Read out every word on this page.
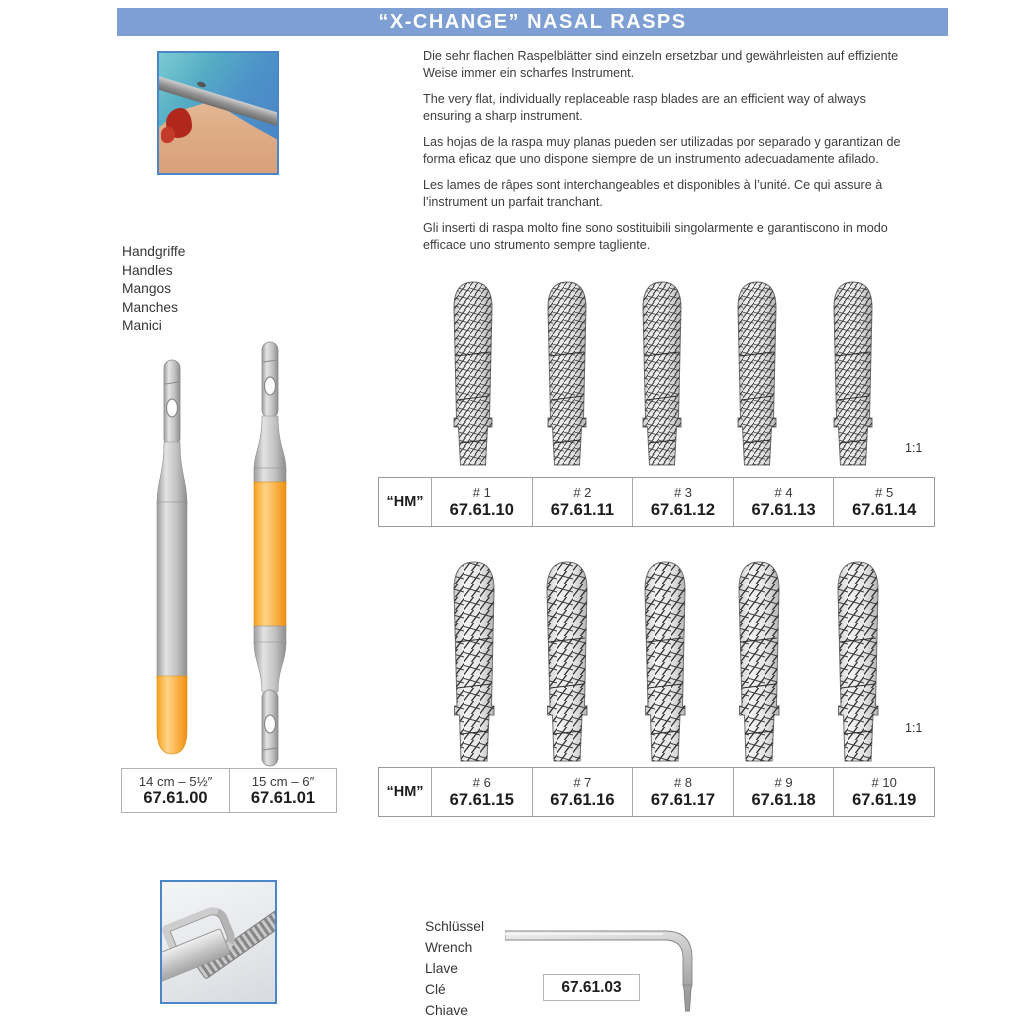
“X-CHANGE” NASAL RASPS

Die sehr flachen Raspelblätter sind einzeln ersetzbar und gewährleisten auf effiziente Weise immer ein scharfes Instrument.

The very flat, individually replaceable rasp blades are an efficient way of always ensuring a sharp instrument.

Las hojas de la raspa muy planas pueden ser utilizadas por separado y garantizan de forma eficaz que uno dispone siempre de un instrumento adecuadamente afilado.

Les lames de râpes sont interchangeables et disponibles à l’unité. Ce qui assure à l’instrument un parfait tranchant.

Gli inserti di raspa molto fine sono sostituibili singolarmente e garantiscono in modo efficace uno strumento sempre tagliente.

Handgriffe
Handles
Mangos
Manches
Manici
14 cm – 5½″
67.61.00
15 cm – 6″
67.61.01
1:1
“HM”
# 1
67.61.10
# 2
67.61.11
# 3
67.61.12
# 4
67.61.13
# 5
67.61.14
1:1
“HM”
# 6
67.61.15
# 7
67.61.16
# 8
67.61.17
# 9
67.61.18
# 10
67.61.19
Schlüssel
Wrench
Llave
Clé
Chiave
67.61.03
